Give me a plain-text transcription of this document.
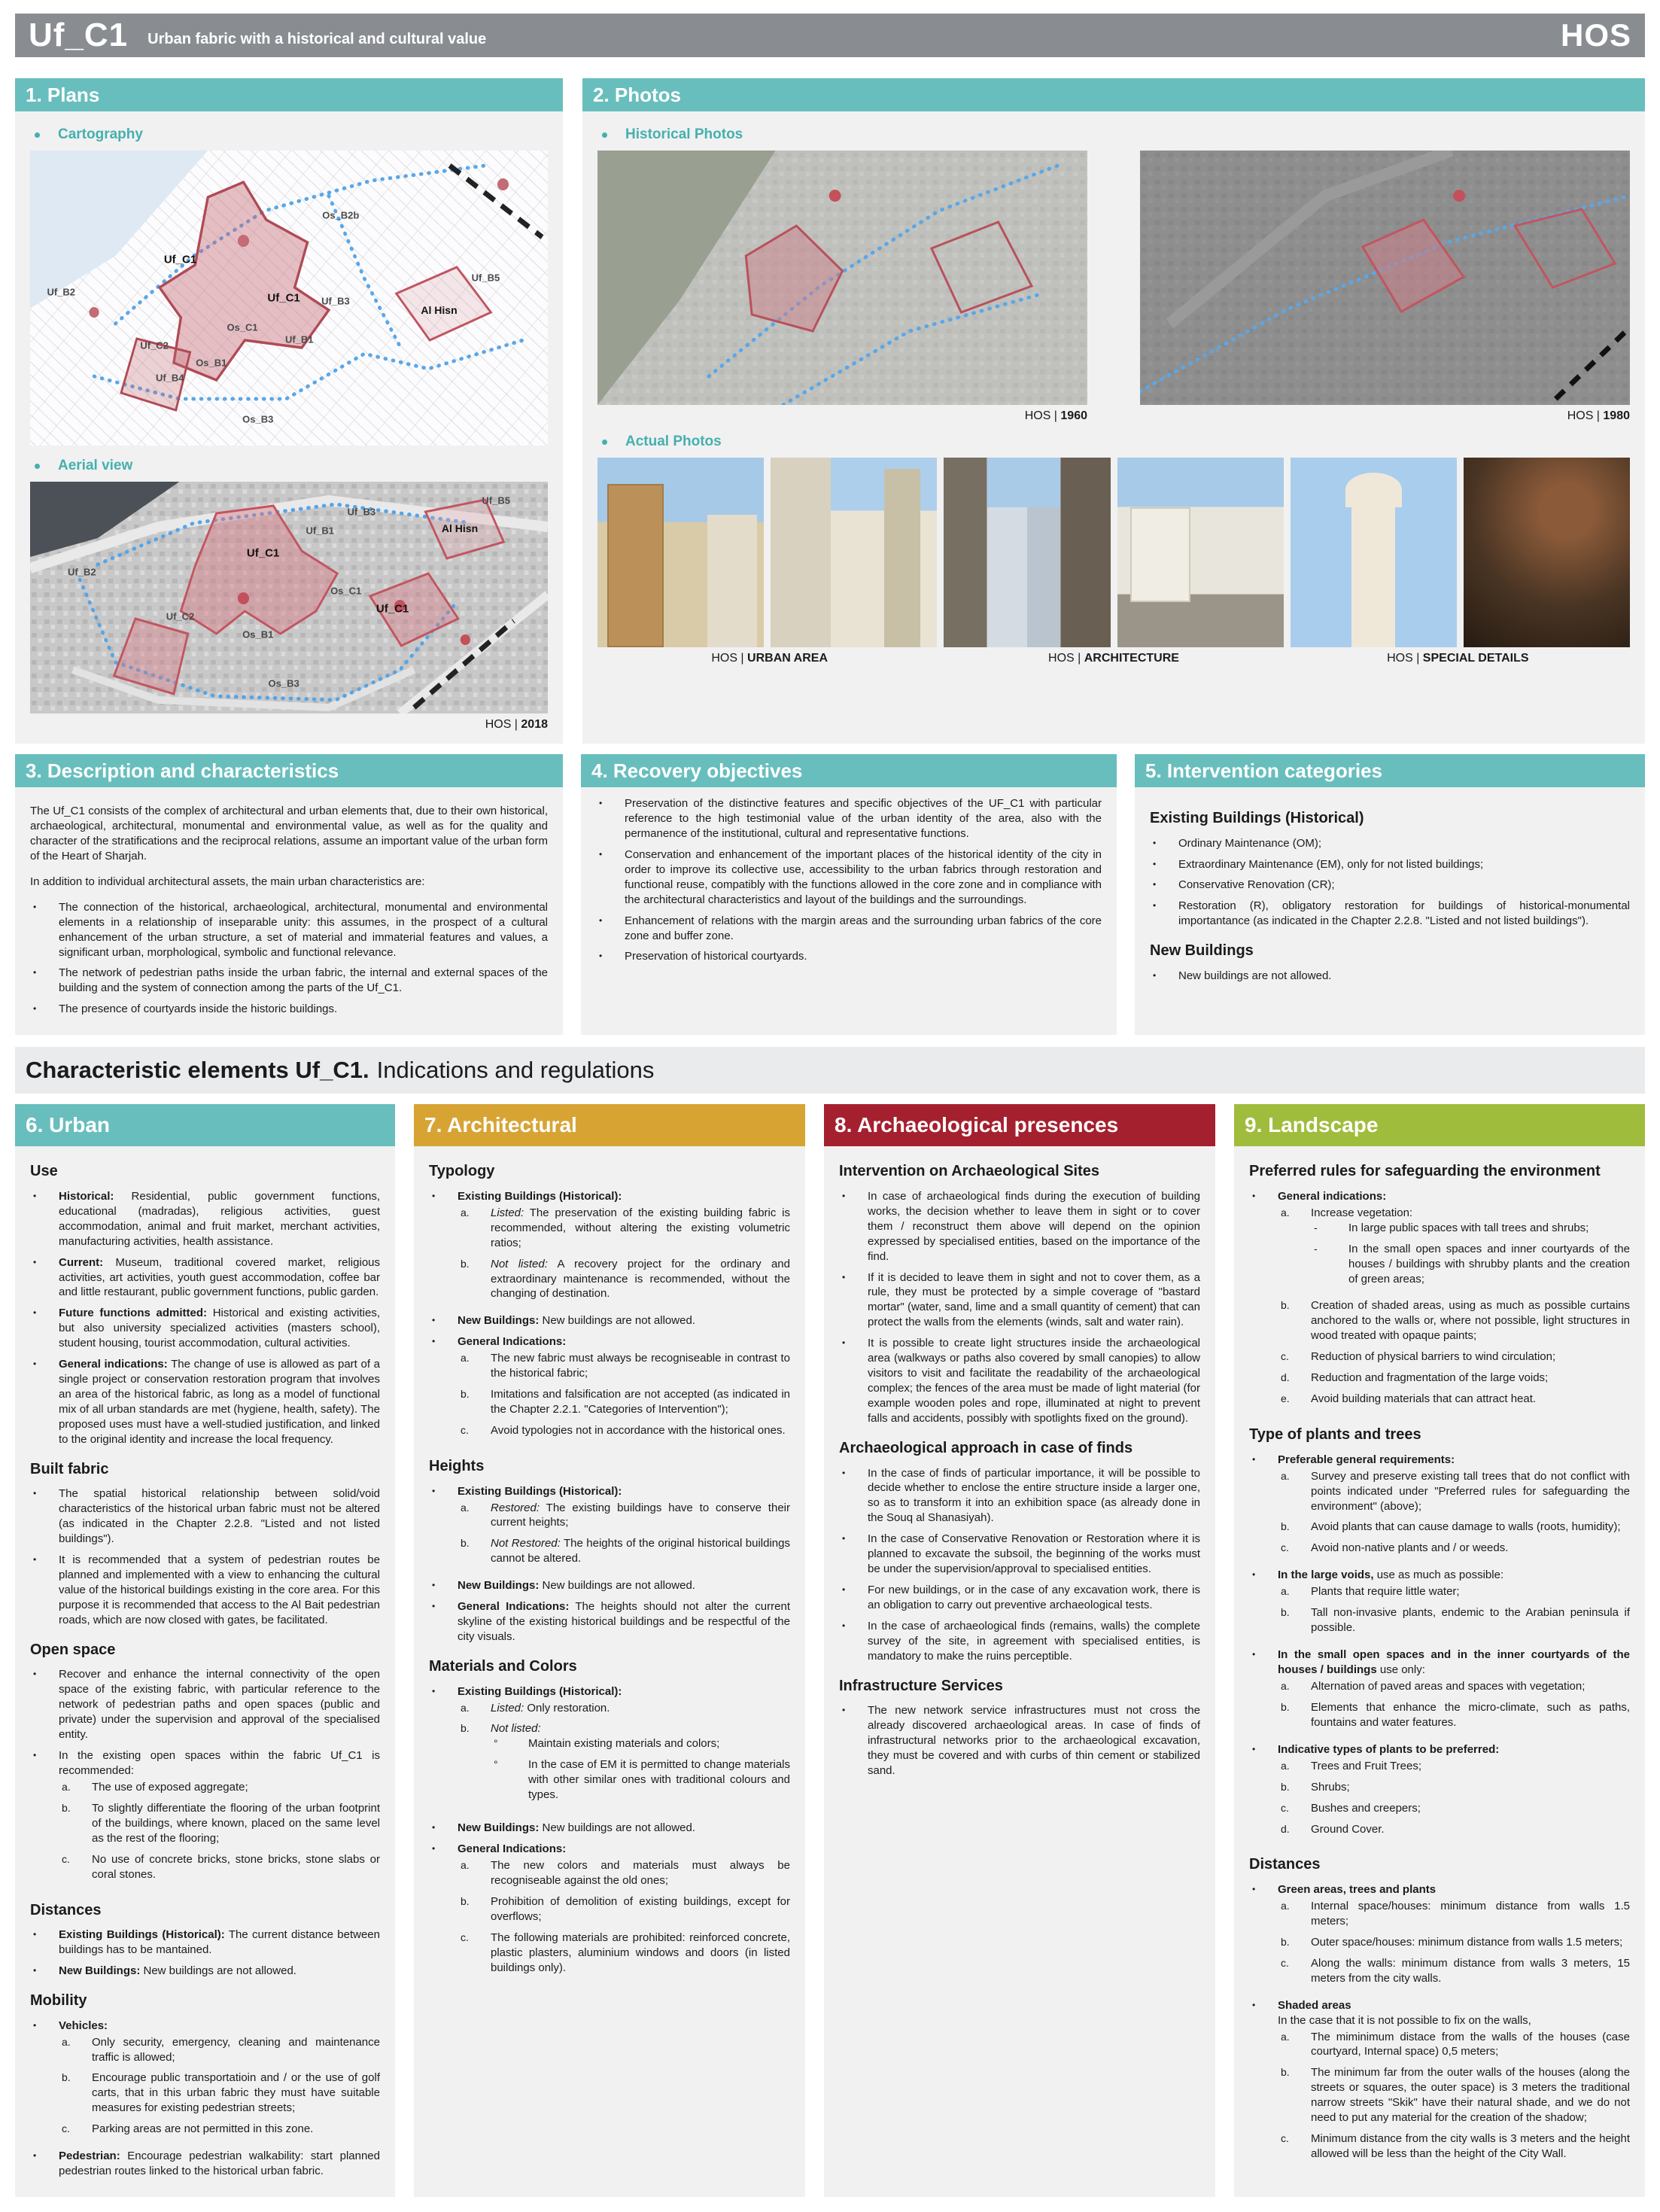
Uf_C1 Urban fabric with a historical and cultural value	HOS
1. Plans
Cartography
Os_B2b
Uf_B3
Uf_B1
Uf_B4
Uf_B2
Uf_B5
Al Hisn
Uf_C1
Os_C1
Uf_C1
Uf_C2
Os_B1
Os_B3
Aerial view
Uf_B5
Uf_B3
Uf_B1	Al Hisn
Uf_B2
Uf_C1
Os_C1
Uf_C1
Uf_C2
Os_B1
Os_B3
HOS | 2018
2. Photos
Historical Photos
HOS | 1960	HOS | 1980
Actual Photos
HOS | URBAN AREA	HOS | ARCHITECTURE	HOS | SPECIAL DETAILS
3. Description and characteristics

The Uf_C1 consists of the complex of architectural and urban elements that, due to their own historical, archaeological, architectural, monumental and environmental value, as well as for the quality and character of the stratifications and the reciprocal relations, assume an important value of the urban form of the Heart of Sharjah.

In addition to individual architectural assets, the main urban characteristics are:

•	The connection of the historical, archaeological, architectural, monumental and environmental elements in a relationship of inseparable unity: this assumes, in the prospect of a cultural enhancement of the urban structure, a set of material and immaterial features and values, a significant urban, morphological, symbolic and functional relevance.
•	The network of pedestrian paths inside the urban fabric, the internal and external spaces of the building and the system of connection among the parts of the Uf_C1.
•	The presence of courtyards inside the historic buildings.
4. Recovery objectives
•	Preservation of the distinctive features and specific objectives of the UF_C1 with particular reference to the high testimonial value of the urban identity of the area, also with the permanence of the institutional, cultural and representative functions.
•	Conservation and enhancement of the important places of the historical identity of the city in order to improve its collective use, accessibility to the urban fabrics through restoration and functional reuse, compatibly with the functions allowed in the core zone and in compliance with the architectural characteristics and layout of the buildings and the surroundings.
•	Enhancement of relations with the margin areas and the surrounding urban fabrics of the core zone and buffer zone.
•	Preservation of historical courtyards.
5. Intervention categories
Existing Buildings (Historical)
•	Ordinary Maintenance (OM);
•	Extraordinary Maintenance (EM), only for not listed buildings;
•	Conservative Renovation (CR);
•	Restoration (R), obligatory restoration for buildings of historical-monumental importantance (as indicated in the Chapter 2.2.8. "Listed and not listed buildings").
New Buildings
•	New buildings are not allowed.
Characteristic elements Uf_C1. Indications and regulations
6. Urban
Use
•	Historical: Residential, public government functions, educational (madradas), religious activities, guest accommodation, animal and fruit market, merchant activities, manufacturing activities, health assistance.
•	Current: Museum, traditional covered market, religious activities, art activities, youth guest accommodation, coffee bar and little restaurant, public government functions, public garden.
•	Future functions admitted: Historical and existing activities, but also university specialized activities (masters school), student housing, tourist accommodation, cultural activities.
•	General indications: The change of use is allowed as part of a single project or conservation restoration program that involves an area of the historical fabric, as long as a model of functional mix of all urban standards are met (hygiene, health, safety). The proposed uses must have a well-studied justification, and linked to the original identity and increase the local frequency.
Built fabric
•	The spatial historical relationship between solid/void characteristics of the historical urban fabric must not be altered (as indicated in the Chapter 2.2.8. "Listed and not listed buildings").
•	It is recommended that a system of pedestrian routes be planned and implemented with a view to enhancing the cultural value of the historical buildings existing in the core area. For this purpose it is recommended that access to the Al Bait pedestrian roads, which are now closed with gates, be facilitated.
Open space
•	Recover and enhance the internal connectivity of the open space of the existing fabric, with particular reference to the network of pedestrian paths and open spaces (public and private) under the supervision and approval of the specialised entity.
•	In the existing open spaces within the fabric Uf_C1 is recommended:
a.	The use of exposed aggregate;
b.	To slightly differentiate the flooring of the urban footprint of the buildings, where known, placed on the same level as the rest of the flooring;
c.	No use of concrete bricks, stone bricks, stone slabs or coral stones.
Distances
•	Existing Buildings (Historical): The current distance between buildings has to be mantained.
•	New Buildings: New buildings are not allowed.
Mobility
•	Vehicles:
a.	Only security, emergency, cleaning and maintenance traffic is allowed;
b.	Encourage public transportatioin and / or the use of golf carts, that in this urban fabric they must have suitable measures for existing pedestrian streets;
c.	Parking areas are not permitted in this zone.
•	Pedestrian: Encourage pedestrian walkability: start planned pedestrian routes linked to the historical urban fabric.
7. Architectural
Typology
•	Existing Buildings (Historical):
a.	Listed: The preservation of the existing building fabric is recommended, without altering the existing volumetric ratios;
b.	Not listed: A recovery project for the ordinary and extraordinary maintenance is recommended, without the changing of destination.
•	New Buildings: New buildings are not allowed.
•	General Indications:
a.	The new fabric must always be recogniseable in contrast to the historical fabric;
b.	Imitations and falsification are not accepted (as indicated in the Chapter 2.2.1. "Categories of Intervention");
c.	Avoid typologies not in accordance with the historical ones.
Heights
•	Existing Buildings (Historical):
a.	Restored: The existing buildings have to conserve their current heights;
b.	Not Restored: The heights of the original historical buildings cannot be altered.
•	New Buildings: New buildings are not allowed.
•	General Indications: The heights should not alter the current skyline of the existing historical buildings and be respectful of the city visuals.
Materials and Colors
•	Existing Buildings (Historical):
a.	Listed: Only restoration.
b.	Not listed:
°	Maintain existing materials and colors;
°	In the case of EM it is permitted to change materials with other similar ones with traditional colours and types.
•	New Buildings: New buildings are not allowed.
•	General Indications:
a.	The new colors and materials must always be recogniseable against the old ones;
b.	Prohibition of demolition of existing buildings, except for overflows;
c.	The following materials are prohibited: reinforced concrete, plastic plasters, aluminium windows and doors (in listed buildings only).
8. Archaeological presences
Intervention on Archaeological Sites
•	In case of archaeological finds during the execution of building works, the decision whether to leave them in sight or to cover them / reconstruct them above will depend on the opinion expressed by specialised entities, based on the importance of the find.
•	If it is decided to leave them in sight and not to cover them, as a rule, they must be protected by a simple coverage of "bastard mortar" (water, sand, lime and a small quantity of cement) that can protect the walls from the elements (winds, salt and water rain).
•	It is possible to create light structures inside the archaeological area (walkways or paths also covered by small canopies) to allow visitors to visit and facilitate the readability of the archaeological complex; the fences of the area must be made of light material (for example wooden poles and rope, illuminated at night to prevent falls and accidents, possibly with spotlights fixed on the ground).
Archaeological approach in case of finds
•	In the case of finds of particular importance, it will be possible to decide whether to enclose the entire structure inside a larger one, so as to transform it into an exhibition space (as already done in the Souq al Shanasiyah).
•	In the case of Conservative Renovation or Restoration where it is planned to excavate the subsoil, the beginning of the works must be under the supervision/approval to specialised entities.
•	For new buildings, or in the case of any excavation work, there is an obligation to carry out preventive archaeological tests.
•	In the case of archaeological finds (remains, walls) the complete survey of the site, in agreement with specialised entities, is mandatory to make the ruins perceptible.
Infrastructure Services
•	The new network service infrastructures must not cross the already discovered archaeological areas. In case of finds of infrastructural networks prior to the archaeological excavation, they must be covered and with curbs of thin cement or stabilized sand.
9. Landscape
Preferred rules for safeguarding the environment
•	General indications:
a.	Increase vegetation:
-	In large public spaces with tall trees and shrubs;
-	In the small open spaces and inner courtyards of the houses / buildings with shrubby plants and the creation of green areas;
b.	Creation of shaded areas, using as much as possible curtains anchored to the walls or, where not possible, light structures in wood treated with opaque paints;
c.	Reduction of physical barriers to wind circulation;
d.	Reduction and fragmentation of the large voids;
e.	Avoid building materials that can attract heat.
Type of plants and trees
•	Preferable general requirements:
a.	Survey and preserve existing tall trees that do not conflict with points indicated under "Preferred rules for safeguarding the environment" (above);
b.	Avoid plants that can cause damage to walls (roots, humidity);
c.	Avoid non-native plants and / or weeds.
•	In the large voids, use as much as possible:
a.	Plants that require little water;
b.	Tall non-invasive plants, endemic to the Arabian peninsula if possible.
•	In the small open spaces and in the inner courtyards of the houses / buildings use only:
a.	Alternation of paved areas and spaces with vegetation;
b.	Elements that enhance the micro-climate, such as paths, fountains and water features.
•	Indicative types of plants to be preferred:
a.	Trees and Fruit Trees;
b.	Shrubs;
c.	Bushes and creepers;
d.	Ground Cover.
Distances
•	Green areas, trees and plants
a.	Internal space/houses: minimum distance from walls 1.5 meters;
b.	Outer space/houses: minimum distance from walls 1.5 meters;
c.	Along the walls: minimum distance from walls 3 meters, 15 meters from the city walls.
•	Shaded areas
In the case that it is not possible to fix on the walls,
a.	The miminimum distace from the walls of the houses (case courtyard, Internal space) 0,5 meters;
b.	The minimum far from the outer walls of the houses (along the streets or squares, the outer space) is 3 meters the traditional narrow streets "Skik" have their natural shade, and we do not need to put any material for the creation of the shadow;
c.	Minimum distance from the city walls is 3 meters and the height allowed will be less than the height of the City Wall.
